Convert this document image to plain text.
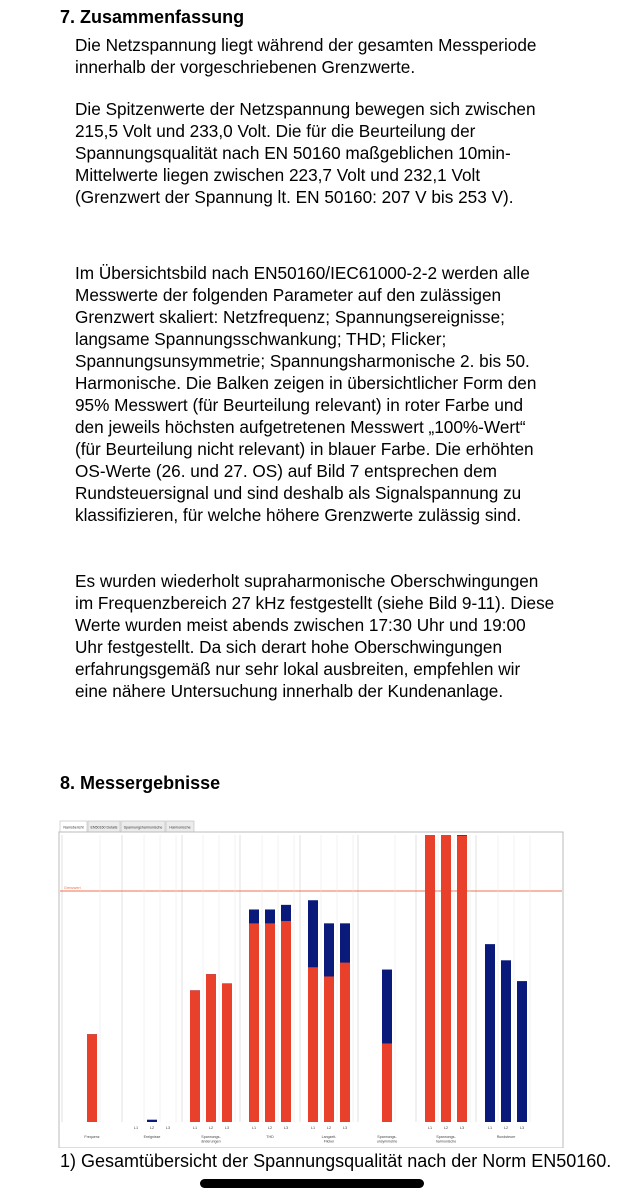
7. Zusammenfassung

Die Netzspannung liegt während der gesamten Messperiode innerhalb der vorgeschriebenen Grenzwerte.

Die Spitzenwerte der Netzspannung bewegen sich zwischen 215,5 Volt und 233,0 Volt. Die für die Beurteilung der Spannungsqualität nach EN 50160 maßgeblichen 10min- Mittelwerte liegen zwischen 223,7 Volt und 232,1 Volt (Grenzwert der Spannung lt. EN 50160: 207 V bis 253 V).

Im Übersichtsbild nach EN50160/IEC61000-2-2 werden alle Messwerte der folgenden Parameter auf den zulässigen Grenzwert skaliert: Netzfrequenz; Spannungsereignisse; langsame Spannungsschwankung; THD; Flicker; Spannungsunsymmetrie; Spannungsharmonische 2. bis 50. Harmonische. Die Balken zeigen in übersichtlicher Form den 95% Messwert (für Beurteilung relevant) in roter Farbe und den jeweils höchsten aufgetretenen Messwert „100%-Wert“ (für Beurteilung nicht relevant) in blauer Farbe. Die erhöhten OS-Werte (26. und 27. OS) auf Bild 7 entsprechen dem Rundsteuersignal und sind deshalb als Signalspannung zu klassifizieren, für welche höhere Grenzwerte zulässig sind.

Es wurden wiederholt supraharmonische Oberschwingungen im Frequenzbereich 27 kHz festgestellt (siehe Bild 9-11). Diese Werte wurden meist abends zwischen 17:30 Uhr und 19:00 Uhr festgestellt. Da sich derart hohe Oberschwingungen erfahrungsgemäß nur sehr lokal ausbreiten, empfehlen wir eine nähere Untersuchung innerhalb der Kundenanlage.

8. Messergebnisse
Namsbericht EN50160 Details Spannungsharmonische Harmonische
Grenzwert
Frequenz
L1	L2	L3
Ereignisse
L1	L2	L3
Spannungs-
änderungen
L1	L2	L3
THD
L1	L2	L3
Langzeit-
Flicker
Spannungs-
unsymmetrie
L1	L2	L3
Spannungs-
harmonische
L1	L2	L3
Rundsteuer

1) Gesamtübersicht der Spannungsqualität nach der Norm EN50160.
